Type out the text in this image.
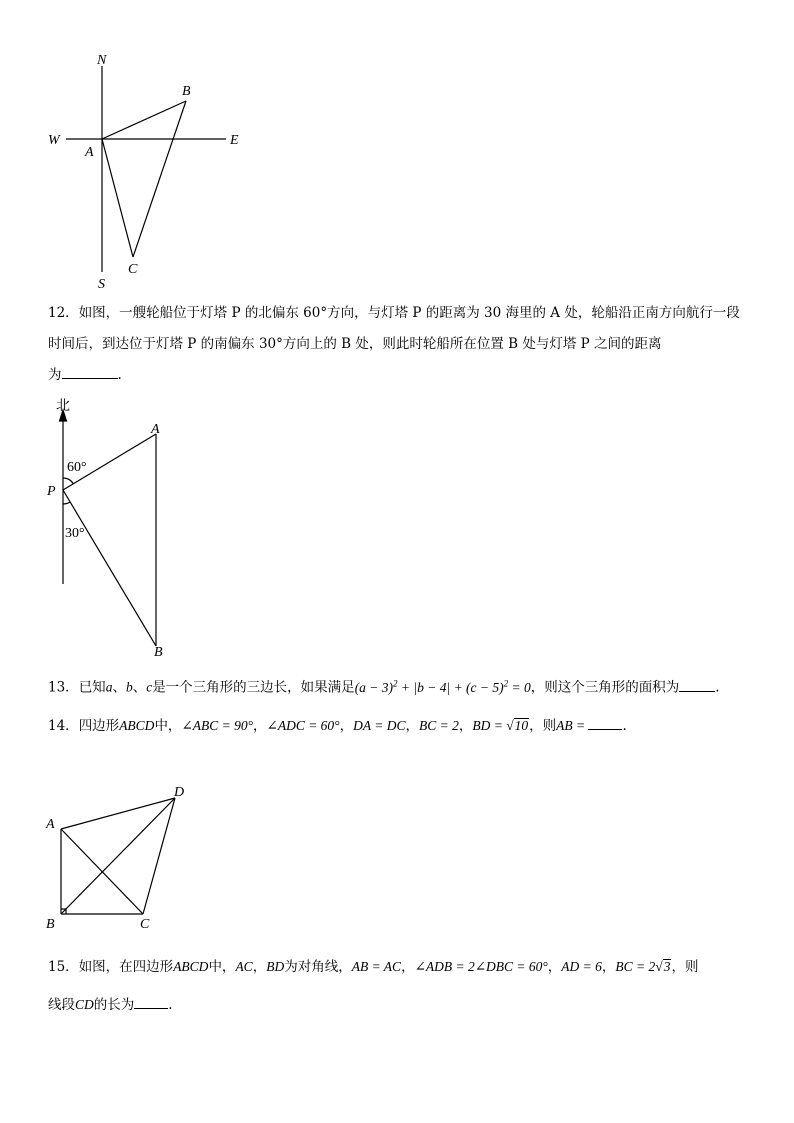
N
S
W	E
A
B
C
12．如图，一艘轮船位于灯塔 P 的北偏东 60°方向，与灯塔 P 的距离为 30 海里的 A 处，轮船沿正南方向航行一段
时间后，到达位于灯塔 P 的南偏东 30°方向上的 B 处，则此时轮船所在位置 B 处与灯塔 P 之间的距离
为	.
北
A
P
B
60°
30°
13．已知a、b、c是一个三角形的三边长，如果满足$(a - 3)^2 + |b - 4| + (c - 5)^2 = 0$，则这个三角形的面积为	.
14．四边形ABCD中，∠ABC = 90°，∠ADC = 60°，DA = DC，BC = 2，BD = √10，则AB =	.
A
B	C
D
15．如图，在四边形ABCD中，AC，BD为对角线，AB = AC，∠ADB = 2∠DBC = 60°，AD = 6，BC = 2√3，则
线段CD的长为	.
